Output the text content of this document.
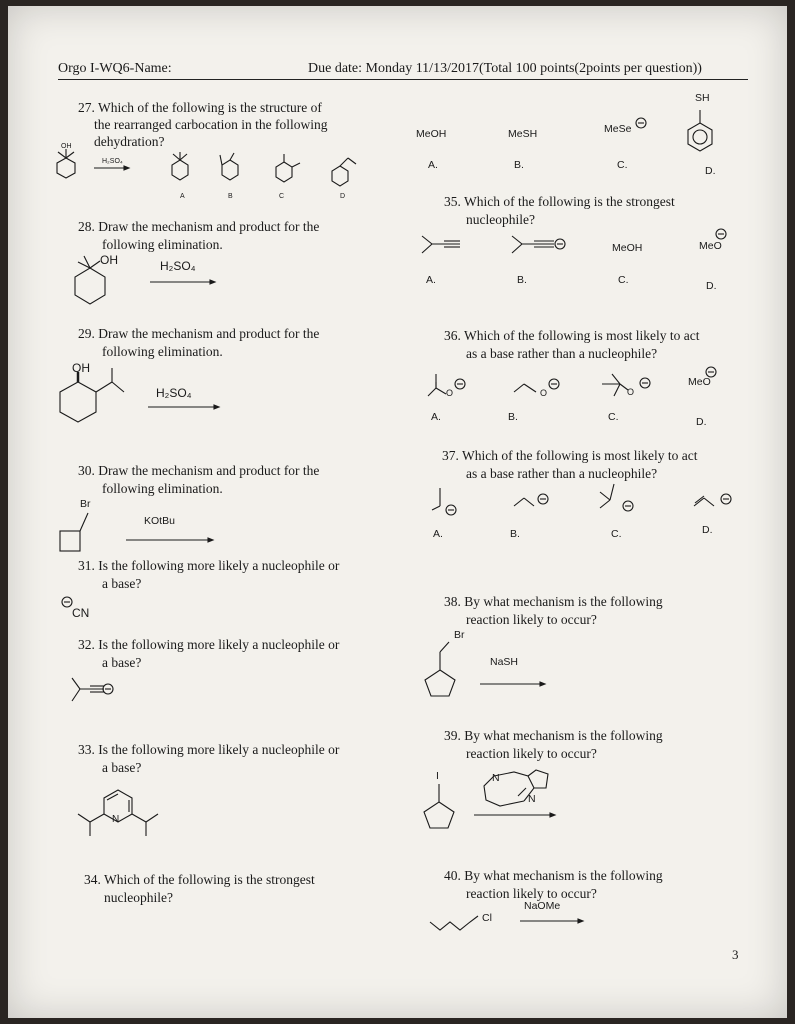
Orgo I-WQ6-Name:	Due date: Monday 11/13/2017(Total 100 points(2points per question))
27. Which of the following is the structure of
the rearranged carbocation in the following
dehydration?
OH
H₂SO₄
A	B	C	D
28. Draw the mechanism and product for the
following elimination.
OH	H₂SO₄
29. Draw the mechanism and product for the
following elimination.
OH
H₂SO₄
30. Draw the mechanism and product for the
following elimination.
Br
KOtBu
31. Is the following more likely a nucleophile or
a base?
CN
32. Is the following more likely a nucleophile or
a base?
33. Is the following more likely a nucleophile or
a base?
N
34. Which of the following is the strongest
nucleophile?
SH
MeOH	MeSH	MeSe
A.	B.	C.	D.
35. Which of the following is the strongest
nucleophile?
MeOH	MeO
A.	B.	C.	D.
36. Which of the following is most likely to act
as a base rather than a nucleophile?
O	O	O
MeO
A.	B.	C.	D.
37. Which of the following is most likely to act
as a base rather than a nucleophile?
A.	B.	C.	D.
38. By what mechanism is the following
reaction likely to occur?
Br
NaSH
39. By what mechanism is the following
reaction likely to occur?
I	N
N
40. By what mechanism is the following
reaction likely to occur?
NaOMe
Cl
3
